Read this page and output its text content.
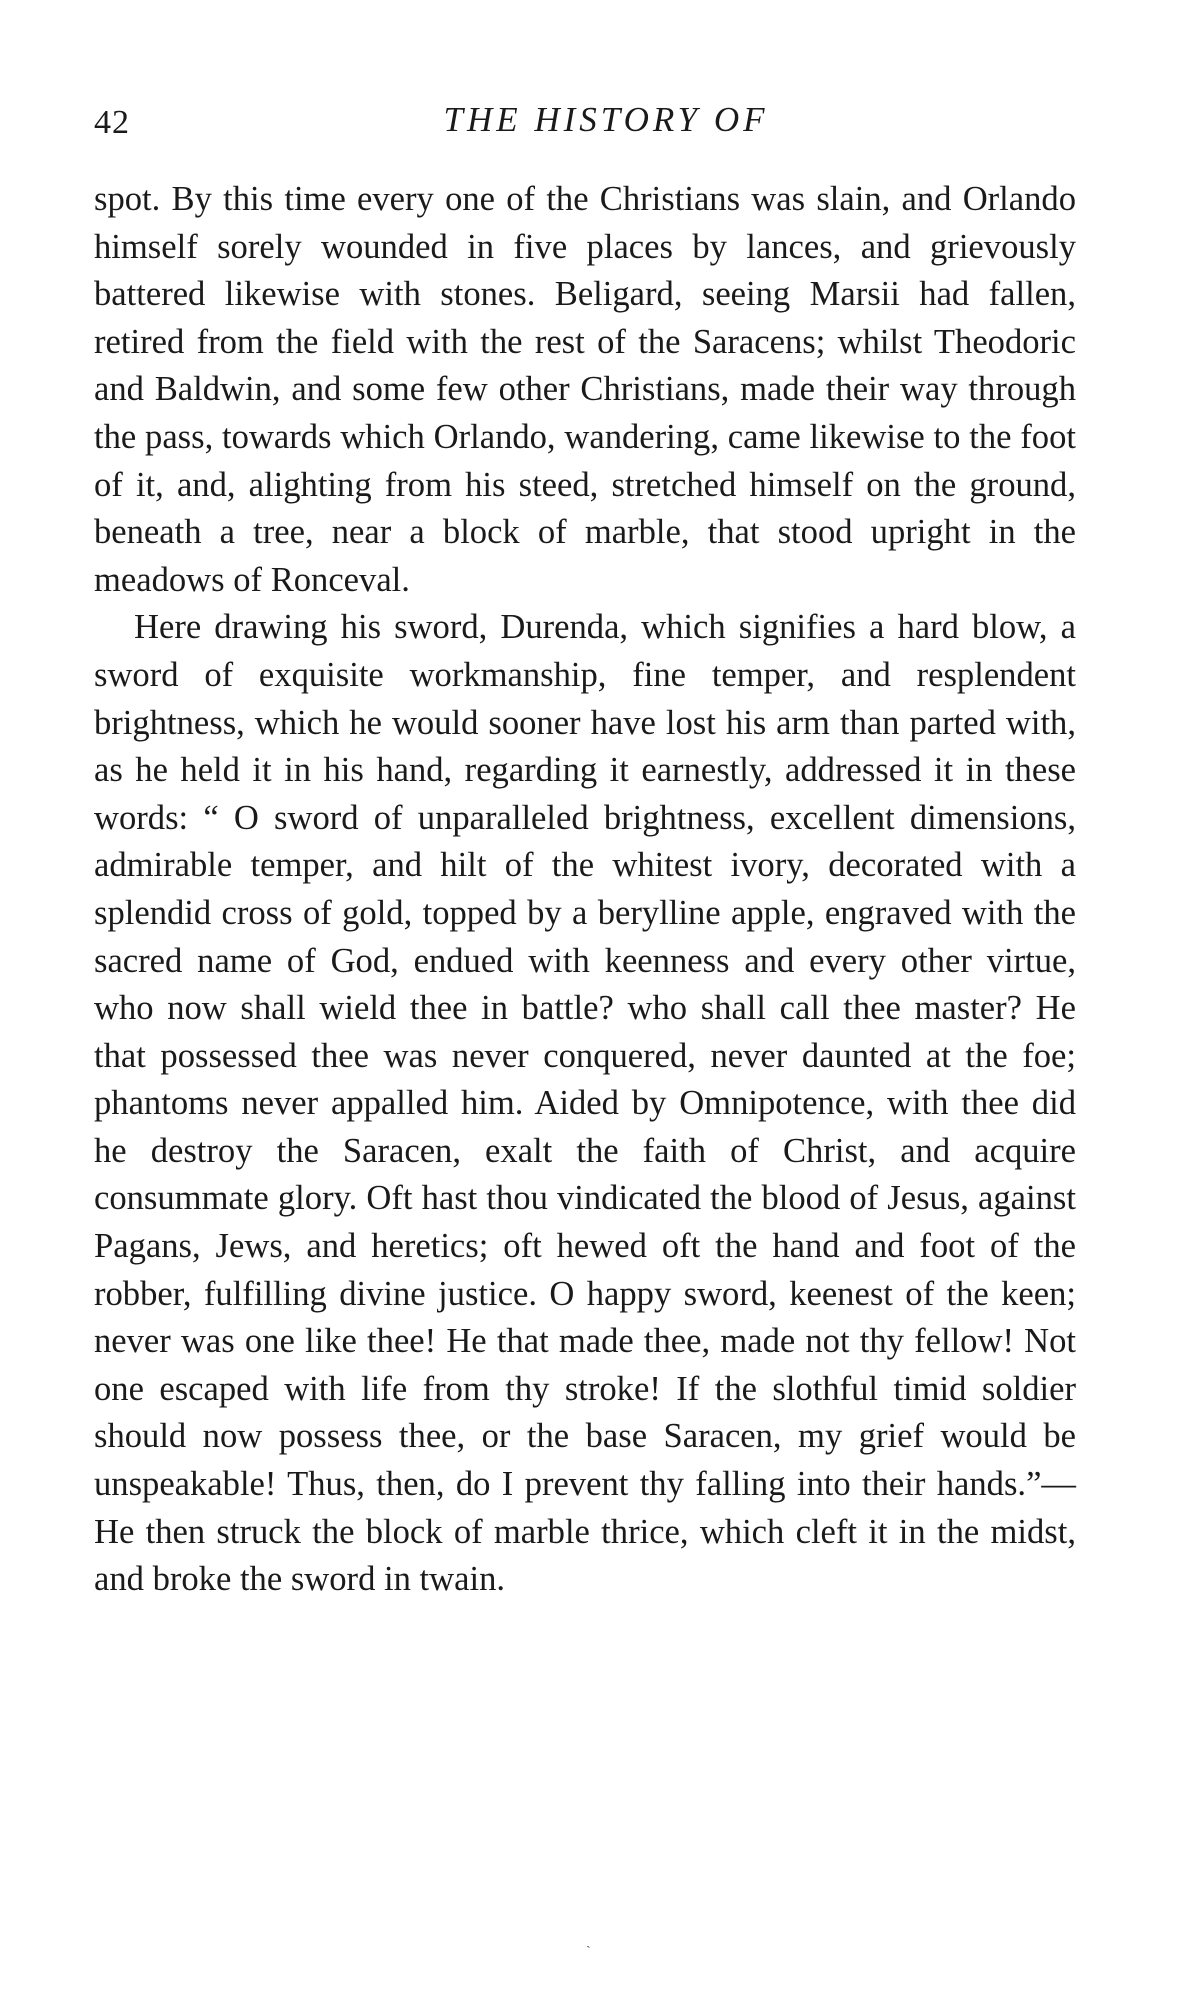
42	THE HISTORY OF

spot. By this time every one of the Christians was slain, and Orlando himself sorely wounded in five places by lances, and grievously battered likewise with stones. Beligard, seeing Marsii had fallen, retired from the field with the rest of the Saracens; whilst Theodoric and Baldwin, and some few other Christians, made their way through the pass, towards which Orlando, wandering, came likewise to the foot of it, and, alighting from his steed, stretched himself on the ground, beneath a tree, near a block of marble, that stood upright in the meadows of Ronceval.

Here drawing his sword, Durenda, which signifies a hard blow, a sword of exquisite workmanship, fine temper, and resplendent brightness, which he would sooner have lost his arm than parted with, as he held it in his hand, regarding it earnestly, addressed it in these words: “ O sword of unparalleled brightness, excellent dimensions, admirable temper, and hilt of the whitest ivory, decorated with a splendid cross of gold, topped by a berylline apple, engraved with the sacred name of God, endued with keenness and every other virtue, who now shall wield thee in battle? who shall call thee master? He that possessed thee was never conquered, never daunted at the foe; phantoms never appalled him. Aided by Omnipotence, with thee did he destroy the Saracen, exalt the faith of Christ, and acquire consummate glory. Oft hast thou vindicated the blood of Jesus, against Pagans, Jews, and heretics; oft hewed oft the hand and foot of the robber, fulfilling divine justice. O happy sword, keenest of the keen; never was one like thee! He that made thee, made not thy fellow! Not one escaped with life from thy stroke! If the slothful timid soldier should now possess thee, or the base Saracen, my grief would be unspeakable! Thus, then, do I prevent thy falling into their hands.”—He then struck the block of marble thrice, which cleft it in the midst, and broke the sword in twain.

ˎ
